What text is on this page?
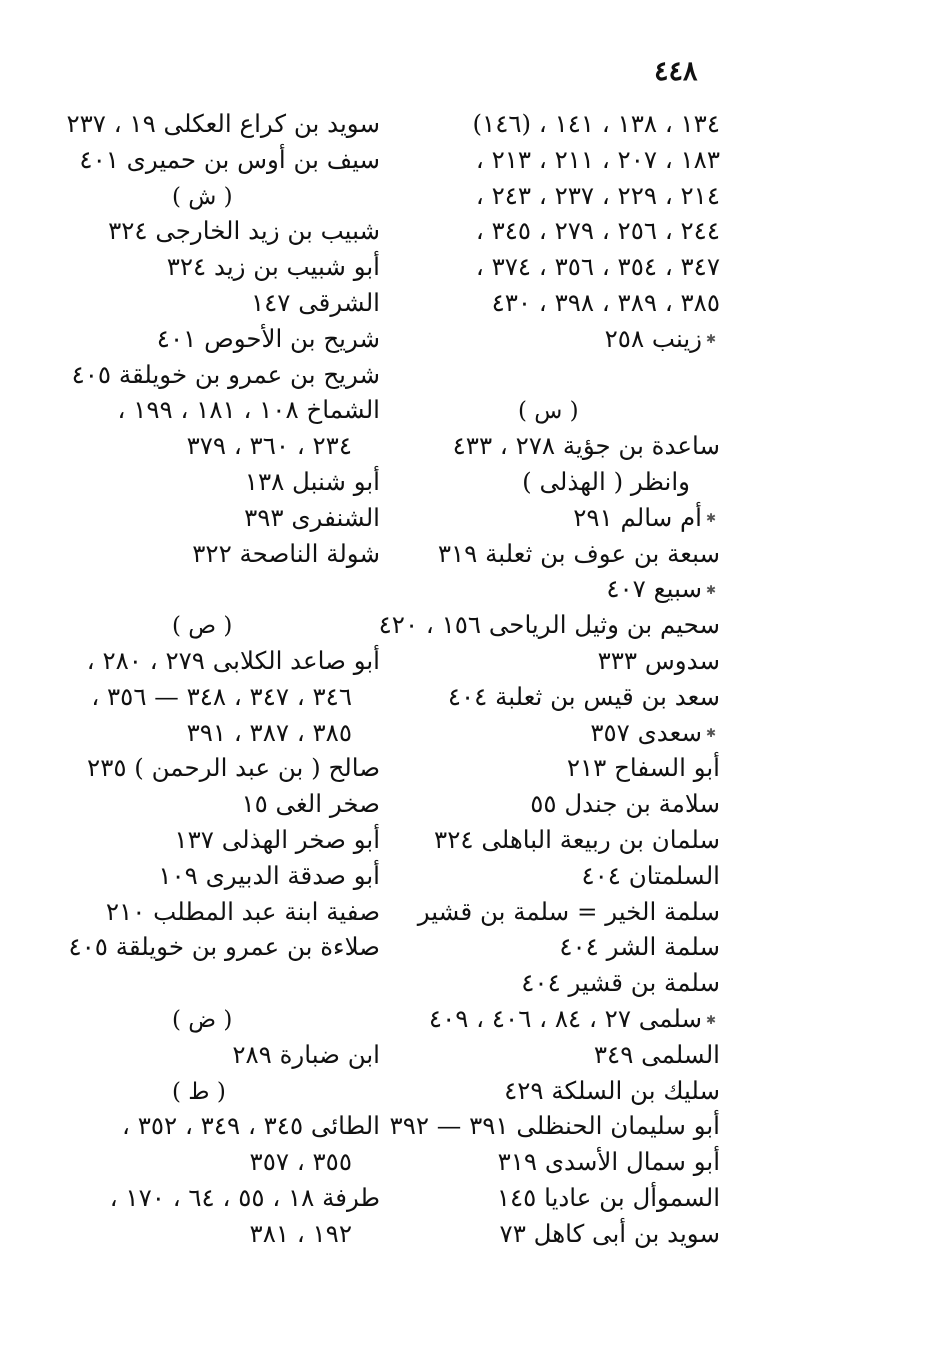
٤٤٨
١٣٤ ، ١٣٨ ، ١٤١ ، (١٤٦)
١٨٣ ، ٢٠٧ ، ٢١١ ، ٢١٣ ،
٢١٤ ، ٢٢٩ ، ٢٣٧ ، ٢٤٣ ،
٢٤٤ ، ٢٥٦ ، ٢٧٩ ، ٣٤٥ ،
٣٤٧ ، ٣٥٤ ، ٣٥٦ ، ٣٧٤ ،
٣٨٥ ، ٣٨٩ ، ٣٩٨ ، ٤٣٠
✱زينب ٢٥٨
( س )
ساعدة بن جؤية ٢٧٨ ، ٤٣٣
وانظر ( الهذلى )
✱أم سالم ٢٩١
سبعة بن عوف بن ثعلبة ٣١٩
✱سبيع ٤٠٧
سحيم بن وثيل الرياحى ١٥٦ ، ٤٢٠
سدوس ٣٣٣
سعد بن قيس بن ثعلبة ٤٠٤
✱سعدى ٣٥٧
أبو السفاح ٢١٣
سلامة بن جندل ٥٥
سلمان بن ربيعة الباهلى ٣٢٤
السلمتان ٤٠٤
سلمة الخير = سلمة بن قشير
سلمة الشر ٤٠٤
سلمة بن قشير ٤٠٤
✱سلمى ٢٧ ، ٨٤ ، ٤٠٦ ، ٤٠٩
السلمى ٣٤٩
سليك بن السلكة ٤٢٩
أبو سليمان الحنظلى ٣٩١ — ٣٩٢
أبو سمال الأسدى ٣١٩
السموأل بن عاديا ١٤٥
سويد بن أبى كاهل ٧٣
سويد بن كراع العكلى ١٩ ، ٢٣٧
سيف بن أوس بن حميرى ٤٠١
( ش )
شبيب بن زيد الخارجى ٣٢٤
أبو شبيب بن زيد ٣٢٤
الشرقى ١٤٧
شريح بن الأحوص ٤٠١
شريح بن عمرو بن خويلقة ٤٠٥
الشماخ ١٠٨ ، ١٨١ ، ١٩٩ ،
٢٣٤ ، ٣٦٠ ، ٣٧٩
أبو شنبل ١٣٨
الشنفرى ٣٩٣
شولة الناصحة ٣٢٢
( ص )
أبو صاعد الكلابى ٢٧٩ ، ٢٨٠ ،
٣٤٦ ، ٣٤٧ ، ٣٤٨ — ٣٥٦ ،
٣٨٥ ، ٣٨٧ ، ٣٩١
صالح ( بن عبد الرحمن ) ٢٣٥
صخر الغى ١٥
أبو صخر الهذلى ١٣٧
أبو صدقة الدبيرى ١٠٩
صفية ابنة عبد المطلب ٢١٠
صلاءة بن عمرو بن خويلقة ٤٠٥
( ض )
ابن ضبارة ٢٨٩
( ط )
الطائى ٣٤٥ ، ٣٤٩ ، ٣٥٢ ،
٣٥٥ ، ٣٥٧
طرفة ١٨ ، ٥٥ ، ٦٤ ، ١٧٠ ،
١٩٢ ، ٣٨١
